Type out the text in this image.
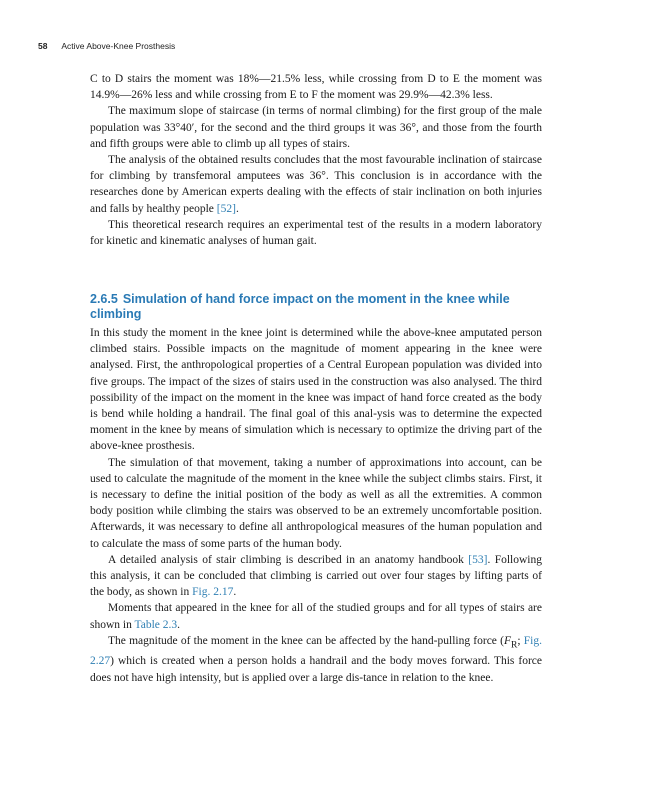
58 Active Above-Knee Prosthesis

C to D stairs the moment was 18%—21.5% less, while crossing from D to E the moment was 14.9%—26% less and while crossing from E to F the moment was 29.9%—42.3% less.

The maximum slope of staircase (in terms of normal climbing) for the first group of the male population was 33°40′, for the second and the third groups it was 36°, and those from the fourth and fifth groups were able to climb up all types of stairs.

The analysis of the obtained results concludes that the most favourable inclination of staircase for climbing by transfemoral amputees was 36°. This conclusion is in accordance with the researches done by American experts dealing with the effects of stair inclination on both injuries and falls by healthy people [52].

This theoretical research requires an experimental test of the results in a modern laboratory for kinetic and kinematic analyses of human gait.

2.6.5 Simulation of hand force impact on the moment in the knee while climbing

In this study the moment in the knee joint is determined while the above-knee amputated person climbed stairs. Possible impacts on the magnitude of moment appearing in the knee were analysed. First, the anthropological properties of a Central European population was divided into five groups. The impact of the sizes of stairs used in the construction was also analysed. The third possibility of the impact on the moment in the knee was impact of hand force created as the body is bend while holding a handrail. The final goal of this anal-ysis was to determine the expected moment in the knee by means of simulation which is necessary to optimize the driving part of the above-knee prosthesis.

The simulation of that movement, taking a number of approximations into account, can be used to calculate the magnitude of the moment in the knee while the subject climbs stairs. First, it is necessary to define the initial position of the body as well as all the extremities. A common body position while climbing the stairs was observed to be an extremely uncomfortable position. Afterwards, it was necessary to define all anthropological measures of the human population and to calculate the mass of some parts of the human body.

A detailed analysis of stair climbing is described in an anatomy handbook [53]. Following this analysis, it can be concluded that climbing is carried out over four stages by lifting parts of the body, as shown in Fig. 2.17.

Moments that appeared in the knee for all of the studied groups and for all types of stairs are shown in Table 2.3.

The magnitude of the moment in the knee can be affected by the hand-pulling force ($F_R$; Fig. 2.27) which is created when a person holds a handrail and the body moves forward. This force does not have high intensity, but is applied over a large dis-tance in relation to the knee.
